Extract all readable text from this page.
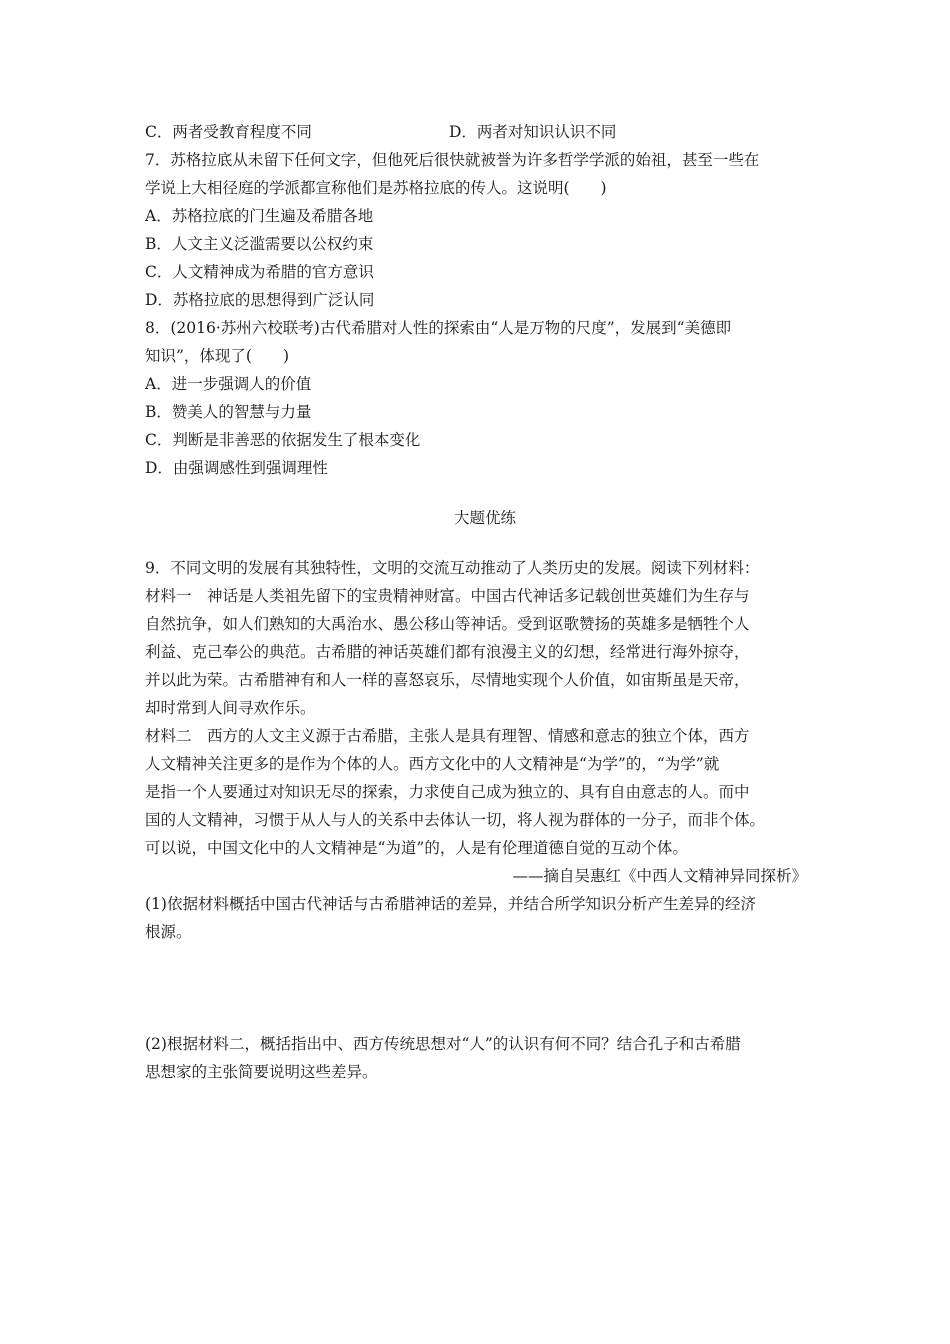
C．两者受教育程度不同	D．两者对知识认识不同
7．苏格拉底从未留下任何文字，但他死后很快就被誉为许多哲学学派的始祖，甚至一些在
学说上大相径庭的学派都宣称他们是苏格拉底的传人。这说明(　　)
A．苏格拉底的门生遍及希腊各地
B．人文主义泛滥需要以公权约束
C．人文精神成为希腊的官方意识
D．苏格拉底的思想得到广泛认同
8．(2016·苏州六校联考)古代希腊对人性的探索由“人是万物的尺度”，发展到“美德即
知识”，体现了(　　)
A．进一步强调人的价值
B．赞美人的智慧与力量
C．判断是非善恶的依据发生了根本变化
D．由强调感性到强调理性
大题优练
9．不同文明的发展有其独特性，文明的交流互动推动了人类历史的发展。阅读下列材料：
材料一　神话是人类祖先留下的宝贵精神财富。中国古代神话多记载创世英雄们为生存与
自然抗争，如人们熟知的大禹治水、愚公移山等神话。受到讴歌赞扬的英雄多是牺牲个人
利益、克己奉公的典范。古希腊的神话英雄们都有浪漫主义的幻想，经常进行海外掠夺，
并以此为荣。古希腊神有和人一样的喜怒哀乐，尽情地实现个人价值，如宙斯虽是天帝，
却时常到人间寻欢作乐。
材料二　西方的人文主义源于古希腊，主张人是具有理智、情感和意志的独立个体，西方
人文精神关注更多的是作为个体的人。西方文化中的人文精神是“为学”的，“为学”就
是指一个人要通过对知识无尽的探索，力求使自己成为独立的、具有自由意志的人。而中
国的人文精神，习惯于从人与人的关系中去体认一切，将人视为群体的一分子，而非个体。
可以说，中国文化中的人文精神是“为道”的，人是有伦理道德自觉的互动个体。
——摘自吴惠红《中西人文精神异同探析》
(1)依据材料概括中国古代神话与古希腊神话的差异，并结合所学知识分析产生差异的经济
根源。
(2)根据材料二，概括指出中、西方传统思想对“人”的认识有何不同？结合孔子和古希腊
思想家的主张简要说明这些差异。
